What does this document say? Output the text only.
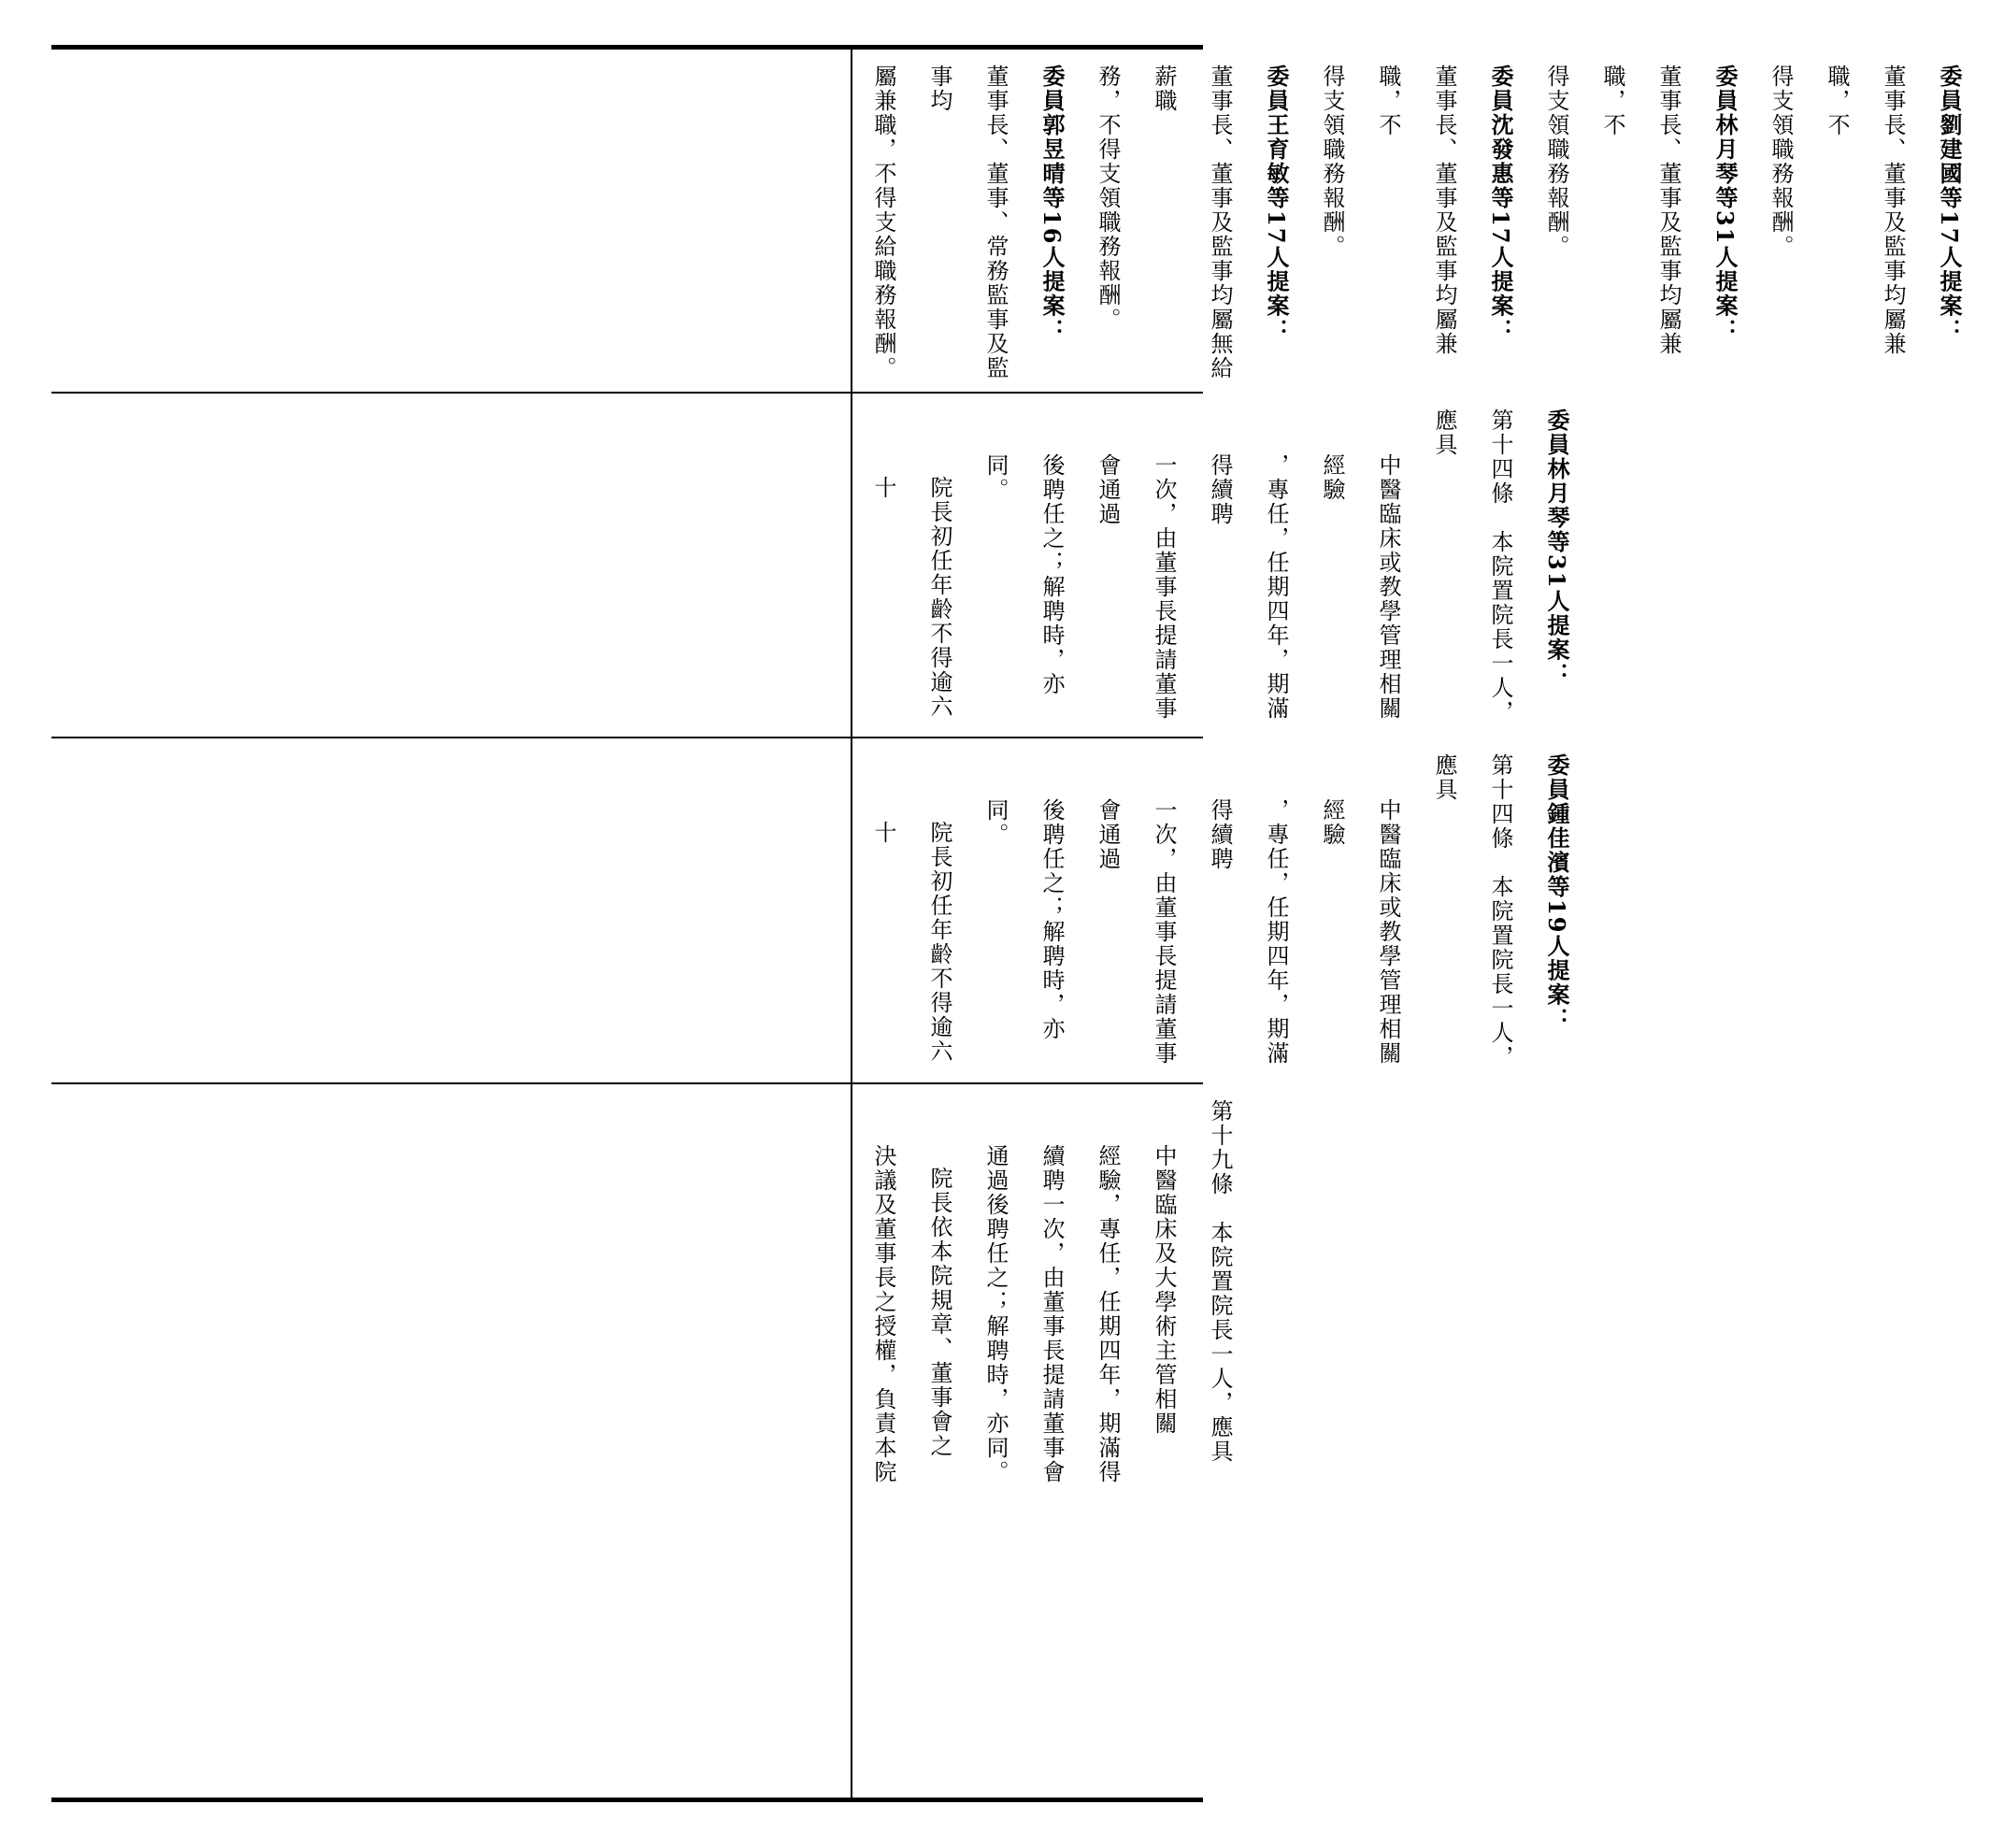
委員劉建國等17人提案：
董事長、董事及監事均屬兼職，不
得支領職務報酬。
委員林月琴等31人提案：
董事長、董事及監事均屬兼職，不
得支領職務報酬。
委員沈發惠等17人提案：
董事長、董事及監事均屬兼職，不
得支領職務報酬。
委員王育敏等17人提案：
董事長、董事及監事均屬無給薪職
務，不得支領職務報酬。
委員郭昱晴等16人提案：
董事長、董事、常務監事及監事均
屬兼職，不得支給職務報酬。
委員林月琴等31人提案：
第十四條　本院置院長一人，應具
中醫臨床或教學管理相關經驗
，專任，任期四年，期滿得續聘
一次，由董事長提請董事會通過
後聘任之；解聘時，亦同。
院長初任年齡不得逾六十
委員鍾佳濱等19人提案：
第十四條　本院置院長一人，應具
中醫臨床或教學管理相關經驗
，專任，任期四年，期滿得續聘
一次，由董事長提請董事會通過
後聘任之；解聘時，亦同。
院長初任年齡不得逾六十
第十九條　本院置院長一人，應具
中醫臨床及大學術主管相關
經驗，專任，任期四年，期滿得
續聘一次，由董事長提請董事會
通過後聘任之；解聘時，亦同。
院長依本院規章、董事會之
決議及董事長之授權，負責本院
